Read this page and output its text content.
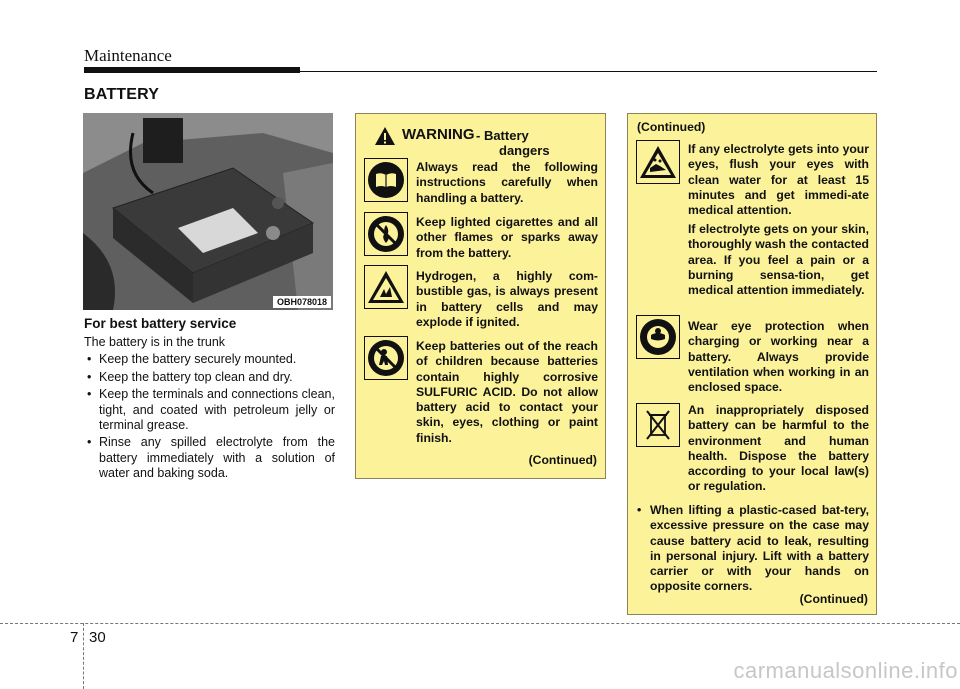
Maintenance
BATTERY
OBH078018
For best battery service
The battery is in the trunk
• Keep the battery securely mounted.
• Keep the battery top clean and dry.
• Keep the terminals and connections clean, tight, and coated with petroleum jelly or terminal grease.
• Rinse any spilled electrolyte from the battery immediately with a solution of water and baking soda.
WARNING - Battery
dangers
Always read the following instructions carefully when handling a battery.
Keep lighted cigarettes and all other flames or sparks away from the battery.
Hydrogen, a highly com-bustible gas, is always present in battery cells and may explode if ignited.
Keep batteries out of the reach of children because batteries contain highly corrosive SULFURIC ACID. Do not allow battery acid to contact your skin, eyes, clothing or paint finish.
(Continued)
(Continued)
If any electrolyte gets into your eyes, flush your eyes with clean water for at least 15 minutes and get immedi-ate medical attention.
If electrolyte gets on your skin, thoroughly wash the contacted area. If you feel a pain or a burning sensa-tion, get medical attention immediately.
Wear eye protection when charging or working near a battery. Always provide ventilation when working in an enclosed space.
An inappropriately disposed battery can be harmful to the environment and human health. Dispose the battery according to your local law(s) or regulation.
• When lifting a plastic-cased bat-tery, excessive pressure on the case may cause battery acid to leak, resulting in personal injury. Lift with a battery carrier or with your hands on opposite corners.
(Continued)
7 30
carmanualsonline.info
